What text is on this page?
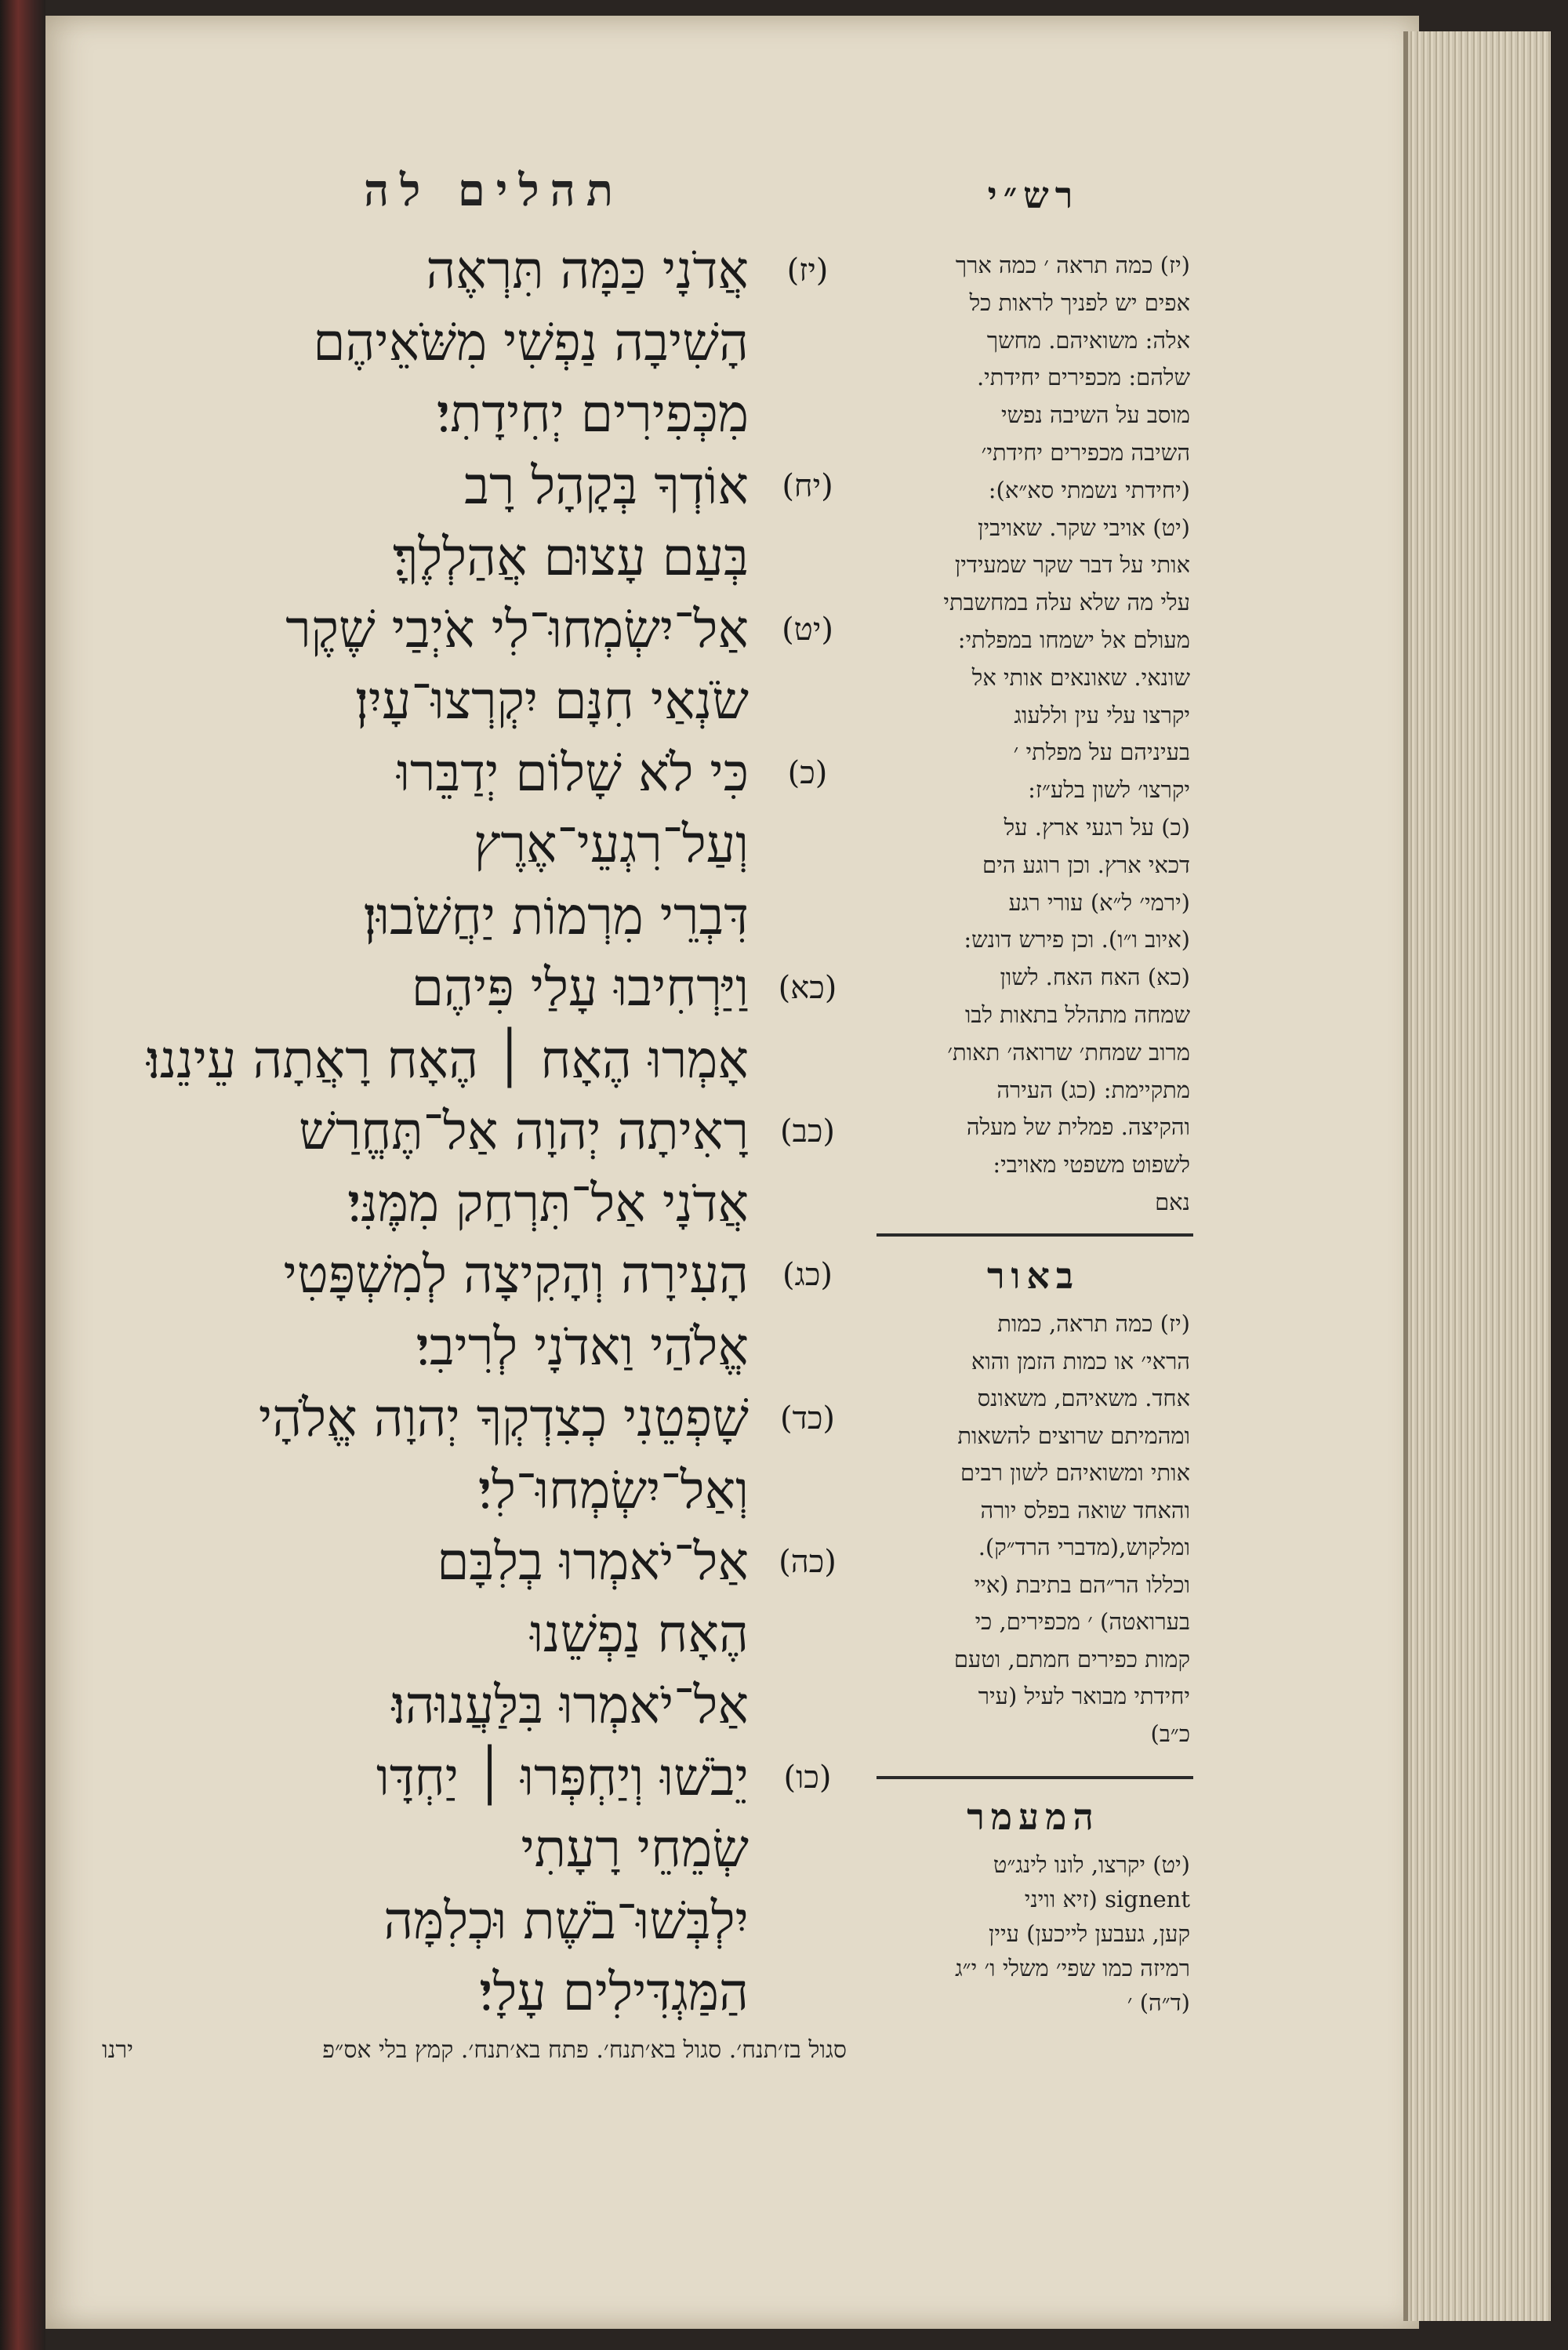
תהלים לה
אֲדֹנָי כַּמָּה תִּרְאֶה	(יז)
הָשִׁיבָה נַפְשִׁי מִשֹּׁאֵיהֶם
מִכְּפִירִים יְחִידָתִי׃
אוֹדְךָ בְּקָהָל רָב	(יח)
בְּעַם עָצוּם אֲהַלְלֶךָּ׃
אַל־יִשְׂמְחוּ־לִי אֹיְבַי שֶׁקֶר	(יט)
שֹׂנְאַי חִנָּם יִקְרְצוּ־עָיִן׃
כִּי לֹא שָׁלוֹם יְדַבֵּרוּ	(כ)
וְעַל־רִגְעֵי־אֶרֶץ
דִּבְרֵי מִרְמוֹת יַחֲשֹׁבוּן׃
וַיַּרְחִיבוּ עָלַי פִּיהֶם (כא)
אָמְרוּ הֶאָח ׀ הֶאָח רָאֲתָה עֵינֵנוּ׃
רָאִיתָה יְהוָה אַל־תֶּחֱרַשׁ (כב)
אֲדֹנָי אַל־תִּרְחַק מִמֶּנִּי׃
הָעִירָה וְהָקִיצָה לְמִשְׁפָּטִי	(כג)
אֱלֹהַי וַאדֹנָי לְרִיבִי׃
שָׁפְטֵנִי כְצִדְקְךָ יְהוָה אֱלֹהָי	(כד)
וְאַל־יִשְׂמְחוּ־לִי׃
אַל־יֹאמְרוּ בְלִבָּם (כה)
הֶאָח נַפְשֵׁנוּ
אַל־יֹאמְרוּ בִּלַּעֲנוּהוּ׃
יֵבֹשׁוּ וְיַחְפְּרוּ ׀ יַחְדָּו	(כו)
שְׂמֵחֵי רָעָתִי
יִלְבְּשׁוּ־בֹשֶׁת וּכְלִמָּה
הַמַּגְדִּילִים עָלָי׃
ירנו	סגול בז׳תנח׳. סגול בא׳תנח׳. פתח בא׳תנח׳. קמץ בלי אס״פ
רש״י
(יז) כמה תראה ׳ כמה ארך
אפים יש לפניך לראות כל
אלה: משואיהם. מחשך
שלהם: מכפירים יחידתי.
מוסב על השיבה נפשי
השיבה מכפירים יחידתי׳
(יחידתי נשמתי סא״א):
(יט) אויבי שקר. שאויבין
אותי על דבר שקר שמעידין
עלי מה שלא עלה במחשבתי
מעולם אל ישמחו במפלתי:
שונאי. שאונאים אותי אל
יקרצו עלי עין וללעוג
בעיניהם על מפלתי ׳
יקרצו׳ לשון בלע״ז:
(כ) על רגעי ארץ. על
דכאי ארץ. וכן רוגע הים
(ירמי׳ ל״א) עורי רגע
(איוב ו״ו). וכן פירש דונש:
(כא) האח האח. לשון
שמחה מתהלל בתאות לבו
מרוב שמחת׳ שרואה׳ תאות׳
מתקיימת: (כג) העירה
והקיצה. פמלית של מעלה
לשפוט משפטי מאויבי:
נאם
באור
(יז) כמה תראה, כמות
הראי׳ או כמות הזמן והוא
אחד. משאיהם, משאונס
ומהמיתם שרוצים להשאות
אותי ומשואיהם לשון רבים
והאחד שואה בפלס יורה
ומלקוש,(מדברי הרד״ק).
וכללו הר״הם בתיבת (איי
בערואטה) ׳ מכפירים, כי
קמות כפירים חמתם, וטעם
יחידתי מבואר לעיל (עיר
כ״ב)
המעמר
(יט) יקרצו, לונו לינג״ט
signent (זיא וויני
קען, געבען לייכען) עיין
רמיזה כמו שפי׳ משלי ו׳ י״ג
(ד״ה) ׳
